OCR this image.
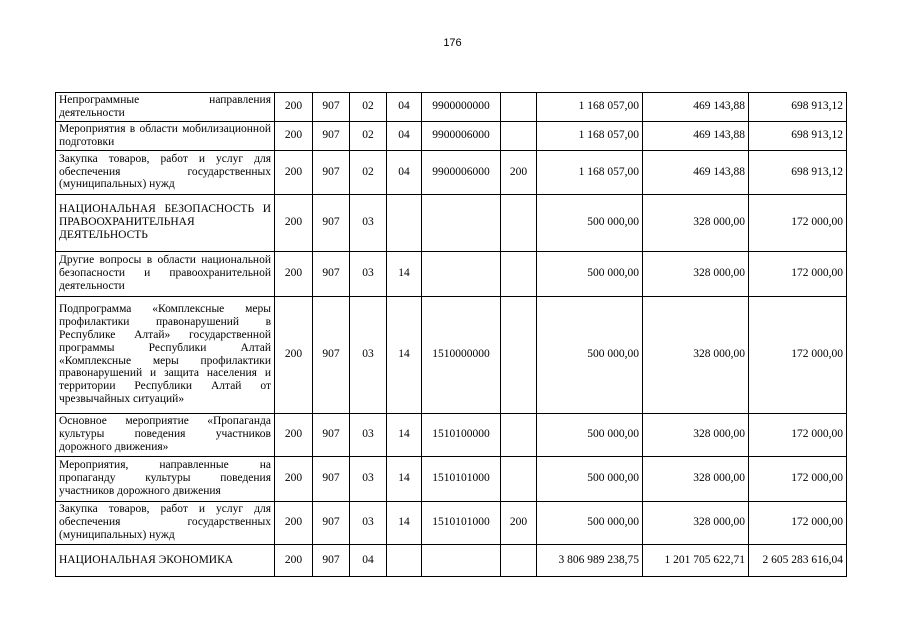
176
Непрограммные направления деятельности	200	907	02	04	9900000000		1 168 057,00	469 143,88	698 913,12
Мероприятия в области мобилизационной подготовки	200	907	02	04	9900006000		1 168 057,00	469 143,88	698 913,12
Закупка товаров, работ и услуг для обеспечения государственных (муниципальных) нужд	200	907	02	04	9900006000	200	1 168 057,00	469 143,88	698 913,12
НАЦИОНАЛЬНАЯ БЕЗОПАСНОСТЬ И ПРАВООХРАНИТЕЛЬНАЯ ДЕЯТЕЛЬНОСТЬ	200	907	03				500 000,00	328 000,00	172 000,00
Другие вопросы в области национальной безопасности и правоохранительной деятельности	200	907	03	14			500 000,00	328 000,00	172 000,00
Подпрограмма «Комплексные меры профилактики правонарушений в Республике Алтай» государственной программы Республики Алтай «Комплексные меры профилактики правонарушений и защита населения и территории Республики Алтай от чрезвычайных ситуаций»	200	907	03	14	1510000000		500 000,00	328 000,00	172 000,00
Основное мероприятие «Пропаганда культуры поведения участников дорожного движения»	200	907	03	14	1510100000		500 000,00	328 000,00	172 000,00
Мероприятия, направленные на пропаганду культуры поведения участников дорожного движения	200	907	03	14	1510101000		500 000,00	328 000,00	172 000,00
Закупка товаров, работ и услуг для обеспечения государственных (муниципальных) нужд	200	907	03	14	1510101000	200	500 000,00	328 000,00	172 000,00
НАЦИОНАЛЬНАЯ ЭКОНОМИКА	200	907	04				3 806 989 238,75	1 201 705 622,71	2 605 283 616,04
